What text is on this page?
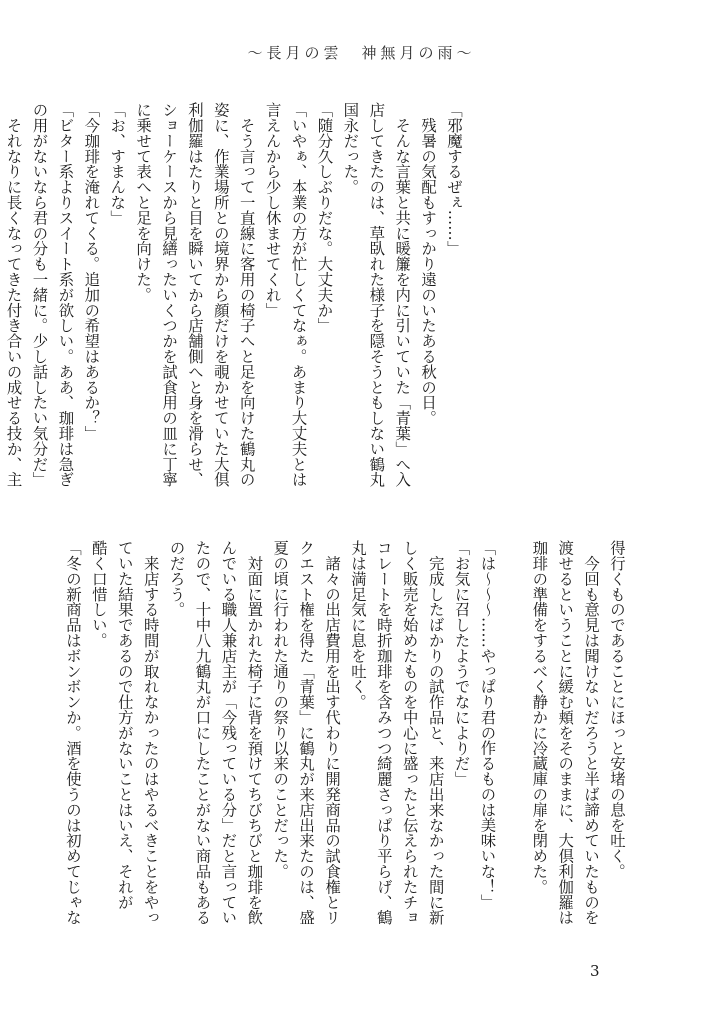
〜長月の雲　神無月の雨〜

「邪魔するぜぇ……」

　残暑の気配もすっかり遠のいたある秋の日。

　そんな言葉と共に暖簾を内に引いていた「青葉」へ入

店してきたのは、草臥れた様子を隠そうともしない鶴丸

国永だった。

「随分久しぶりだな。大丈夫か」

「いやぁ、本業の方が忙しくてなぁ。あまり大丈夫とは

言えんから少し休ませてくれ」

　そう言って一直線に客用の椅子へと足を向けた鶴丸の

姿に、作業場所との境界から顔だけを覗かせていた大倶

利伽羅はたりと目を瞬いてから店舗側へと身を滑らせ、

ショーケースから見繕ったいくつかを試食用の皿に丁寧

に乗せて表へと足を向けた。

「お、すまんな」

「今珈琲を淹れてくる。追加の希望はあるか？」

「ビター系よりスイート系が欲しい。ああ、珈琲は急ぎ

の用がないなら君の分も一緒に。少し話したい気分だ」

　それなりに長くなってきた付き合いの成せる技か、主

得行くものであることにほっと安堵の息を吐く。

　今回も意見は聞けないだろうと半ば諦めていたものを

渡せるということに緩む頬をそのままに、大倶利伽羅は

珈琲の準備をするべく静かに冷蔵庫の扉を閉めた。

「は〜〜〜……やっぱり君の作るものは美味いな！」

「お気に召したようでなによりだ」

　完成したばかりの試作品と、来店出来なかった間に新

しく販売を始めたものを中心に盛ったと伝えられたチョ

コレートを時折珈琲を含みつつ綺麗さっぱり平らげ、鶴

丸は満足気に息を吐く。

　諸々の出店費用を出す代わりに開発商品の試食権とリ

クエスト権を得た「青葉」に鶴丸が来店出来たのは、盛

夏の頃に行われた通りの祭り以来のことだった。

　対面に置かれた椅子に背を預けてちびちびと珈琲を飲

んでいる職人兼店主が「今残っている分」だと言ってい

たので、十中八九鶴丸が口にしたことがない商品もある

のだろう。

　来店する時間が取れなかったのはやるべきことをやっ

ていた結果であるので仕方がないことはいえ、それが

酷く口惜しい。

「冬の新商品はボンボンか。酒を使うのは初めてじゃな

3
